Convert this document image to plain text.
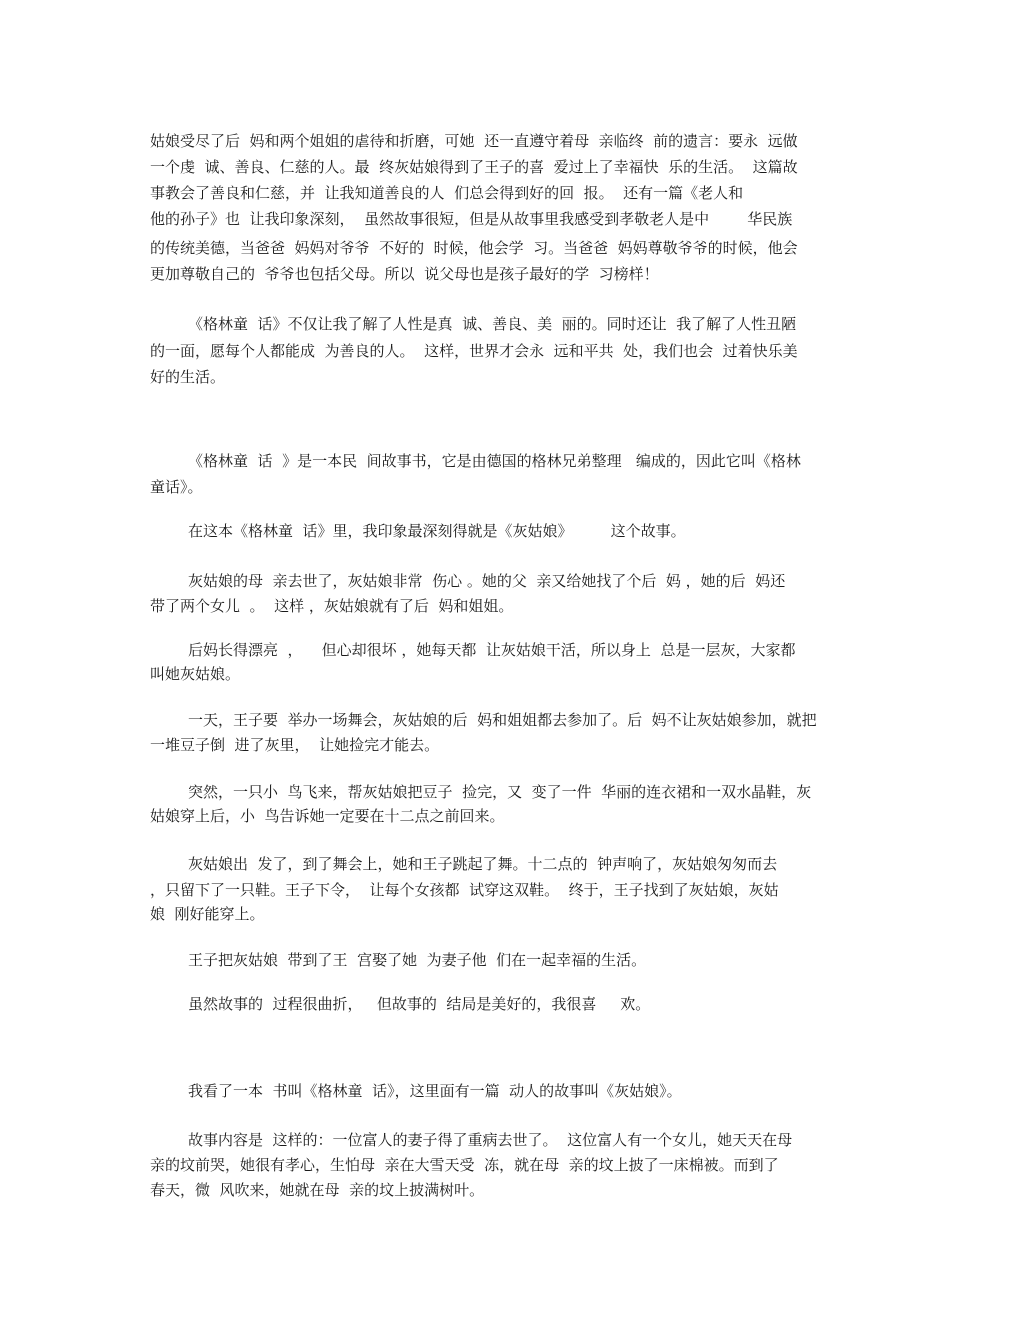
姑娘受尽了后  妈和两个姐姐的虐待和折磨，可她  还一直遵守着母  亲临终  前的遗言：要永  远做
一个虔  诚、善良、仁慈的人。最  终灰姑娘得到了王子的喜  爱过上了幸福快  乐的生活。  这篇故
事教会了善良和仁慈，并  让我知道善良的人  们总会得到好的回  报。  还有一篇《老人和
他的孙子》也  让我印象深刻，  虽然故事很短，但是从故事里我感受到孝敬老人是中        华民族
的传统美德，当爸爸  妈妈对爷爷  不好的  时候，他会学  习。当爸爸  妈妈尊敬爷爷的时候，他会
更加尊敬自己的  爷爷也包括父母。所以  说父母也是孩子最好的学  习榜样！
《格林童  话》不仅让我了解了人性是真  诚、善良、美  丽的。同时还让  我了解了人性丑陋
的一面，愿每个人都能成  为善良的人。  这样，世界才会永  远和平共  处，我们也会  过着快乐美
好的生活。
《格林童  话  》是一本民  间故事书，它是由德国的格林兄弟整理   编成的，因此它叫《格林
童话》。
在这本《格林童  话》里，我印象最深刻得就是《灰姑娘》        这个故事。
灰姑娘的母  亲去世了，灰姑娘非常  伤心 。她的父  亲又给她找了个后  妈 ，她的后  妈还
带了两个女儿  。  这样 ，灰姑娘就有了后  妈和姐姐。
后妈长得漂亮  ，    但心却很坏 ，她每天都  让灰姑娘干活，所以身上  总是一层灰，大家都
叫她灰姑娘。
一天，王子要  举办一场舞会，灰姑娘的后  妈和姐姐都去参加了。后  妈不让灰姑娘参加，就把
一堆豆子倒  进了灰里，  让她捡完才能去。
突然，一只小  鸟飞来，帮灰姑娘把豆子  捡完，又  变了一件  华丽的连衣裙和一双水晶鞋，灰
姑娘穿上后，小  鸟告诉她一定要在十二点之前回来。
灰姑娘出  发了，到了舞会上，她和王子跳起了舞。十二点的  钟声响了，灰姑娘匆匆而去
，只留下了一只鞋。王子下令，  让每个女孩都  试穿这双鞋。  终于，王子找到了灰姑娘，灰姑
娘  刚好能穿上。
王子把灰姑娘  带到了王  宫娶了她  为妻子他  们在一起幸福的生活。
虽然故事的  过程很曲折，   但故事的  结局是美好的，我很喜     欢。
我看了一本  书叫《格林童  话》，这里面有一篇  动人的故事叫《灰姑娘》。
故事内容是  这样的：一位富人的妻子得了重病去世了。  这位富人有一个女儿，她天天在母
亲的坟前哭，她很有孝心，生怕母  亲在大雪天受  冻，就在母  亲的坟上披了一床棉被。而到了
春天，微  风吹来，她就在母  亲的坟上披满树叶。
